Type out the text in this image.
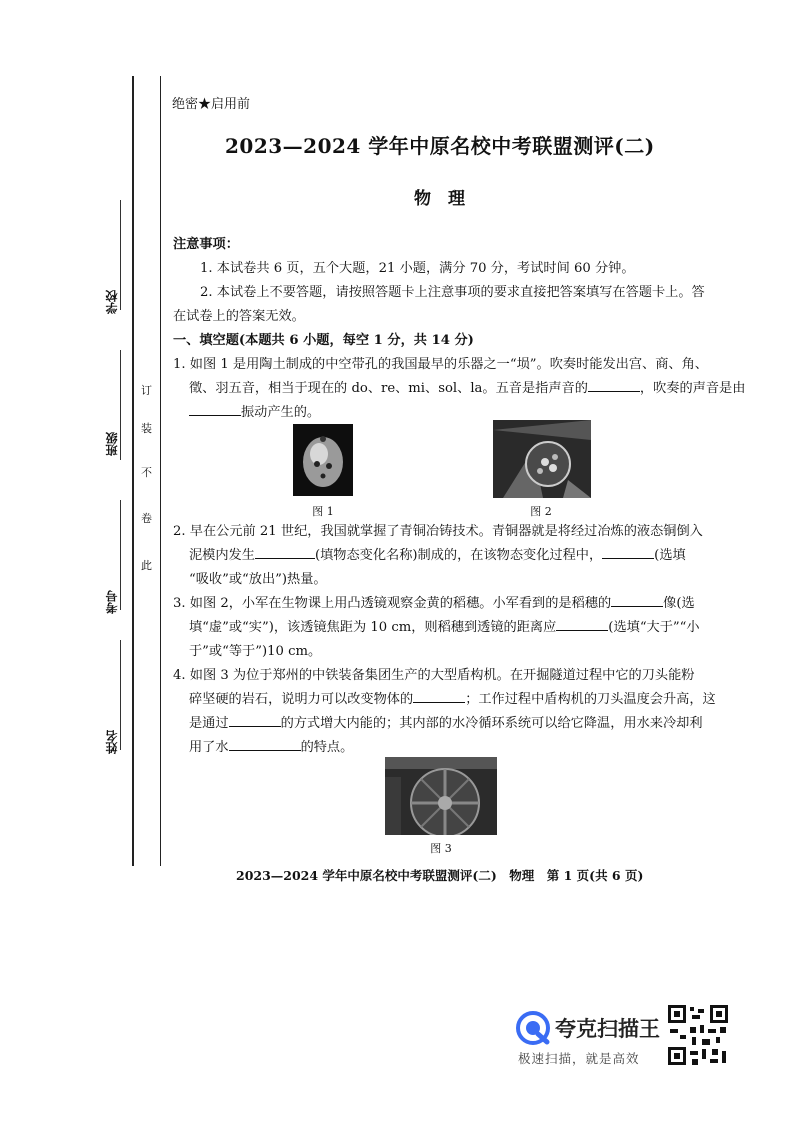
学校
班级
考号
姓名
此
卷
不
装
订
绝密★启用前
2023—2024 学年中原名校中考联盟测评(二)
物　理
注意事项：
1. 本试卷共 6 页，五个大题，21 小题，满分 70 分，考试时间 60 分钟。
2. 本试卷上不要答题，请按照答题卡上注意事项的要求直接把答案填写在答题卡上。答
在试卷上的答案无效。
一、填空题(本题共 6 小题，每空 1 分，共 14 分)
1. 如图 1 是用陶土制成的中空带孔的我国最早的乐器之一“埙”。吹奏时能发出宫、商、角、
徵、羽五音，相当于现在的 do、re、mi、sol、la。五音是指声音的	，吹奏的声音是由
振动产生的。
图 1	图 2
2. 早在公元前 21 世纪，我国就掌握了青铜冶铸技术。青铜器就是将经过冶炼的液态铜倒入
泥模内发生	(填物态变化名称)制成的，在该物态变化过程中，	(选填
“吸收”或“放出”)热量。
3. 如图 2，小军在生物课上用凸透镜观察金黄的稻穗。小军看到的是稻穗的	像(选
填“虚”或“实”)，该透镜焦距为 10 cm，则稻穗到透镜的距离应	(选填“大于”“小
于”或“等于”)10 cm。
4. 如图 3 为位于郑州的中铁装备集团生产的大型盾构机。在开掘隧道过程中它的刀头能粉
碎坚硬的岩石，说明力可以改变物体的	；工作过程中盾构机的刀头温度会升高，这
是通过	的方式增大内能的；其内部的水冷循环系统可以给它降温，用水来冷却利
用了水	的特点。
图 3
2023—2024 学年中原名校中考联盟测评(二)　物理　第 1 页(共 6 页)
夸克扫描王
极速扫描，就是高效
